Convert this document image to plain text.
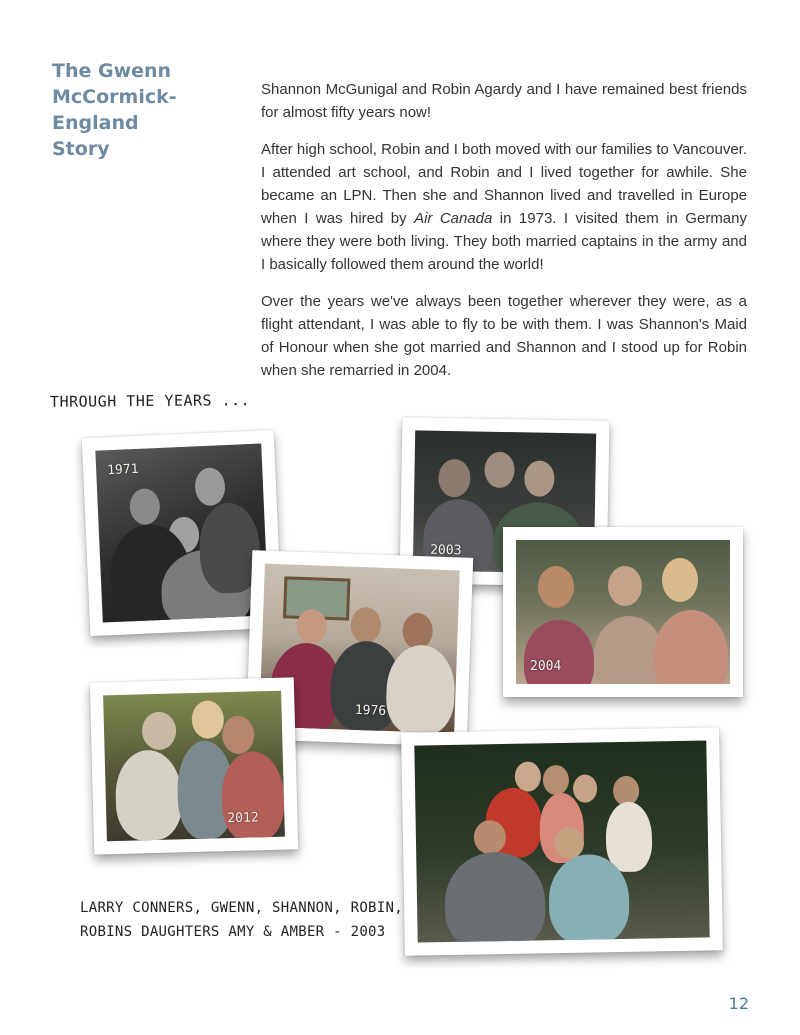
The Gwenn
McCormick-England
Story

Shannon McGunigal and Robin Agardy and I have remained best friends for almost fifty years now!

After high school, Robin and I both moved with our families to Vancouver. I attended art school, and Robin and I lived together for awhile. She became an LPN. Then she and Shannon lived and travelled in Europe when I was hired by Air Canada in 1973. I visited them in Germany where they were both living. They both married captains in the army and I basically followed them around the world!

Over the years we've always been together wherever they were, as a flight attendant, I was able to fly to be with them. I was Shannon's Maid of Honour when she got married and Shannon and I stood up for Robin when she remarried in 2004.

THROUGH THE YEARS ...
1971
2003
2004
1976
2012
LARRY CONNERS, GWENN, SHANNON, ROBIN,
ROBINS DAUGHTERS AMY & AMBER - 2003
12
